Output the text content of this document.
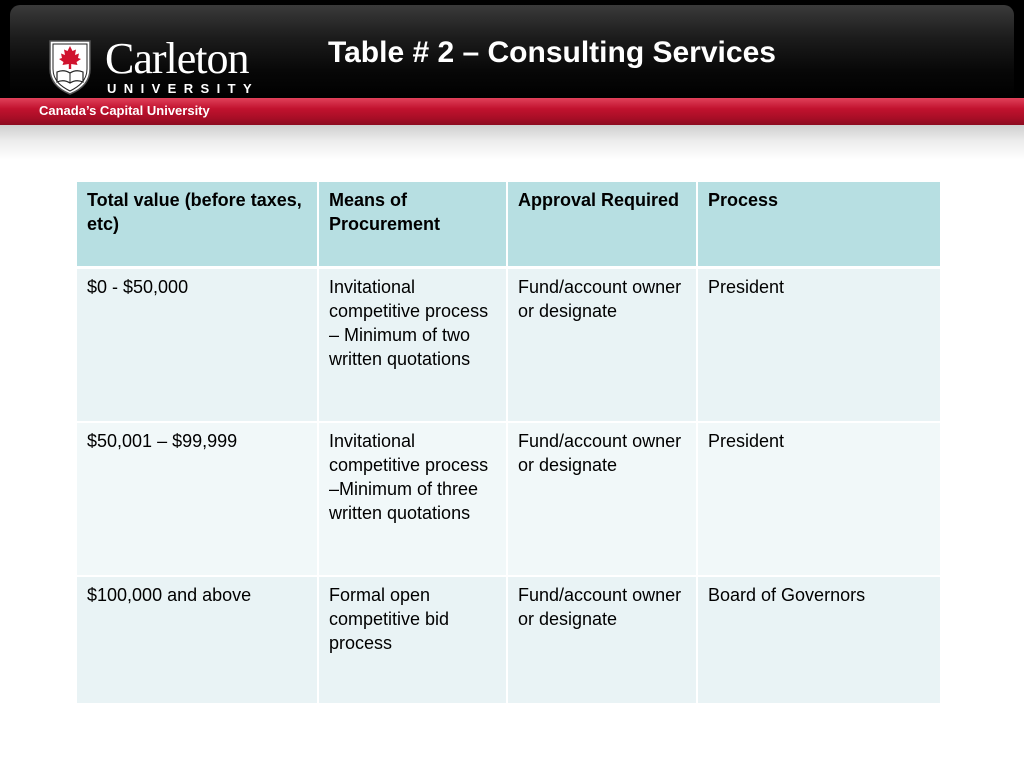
Carleton
UNIVERSITY
Table # 2 – Consulting Services
Canada’s Capital University
Total value (before taxes, etc)	Means of Procurement	Approval Required	Process
$0 - $50,000	Invitational competitive process – Minimum of two written quotations	Fund/account owner or designate	President
$50,001 – $99,999	Invitational competitive process –Minimum of three written quotations	Fund/account owner or designate	President
$100,000 and above	Formal open competitive bid process	Fund/account owner or designate	Board of Governors
